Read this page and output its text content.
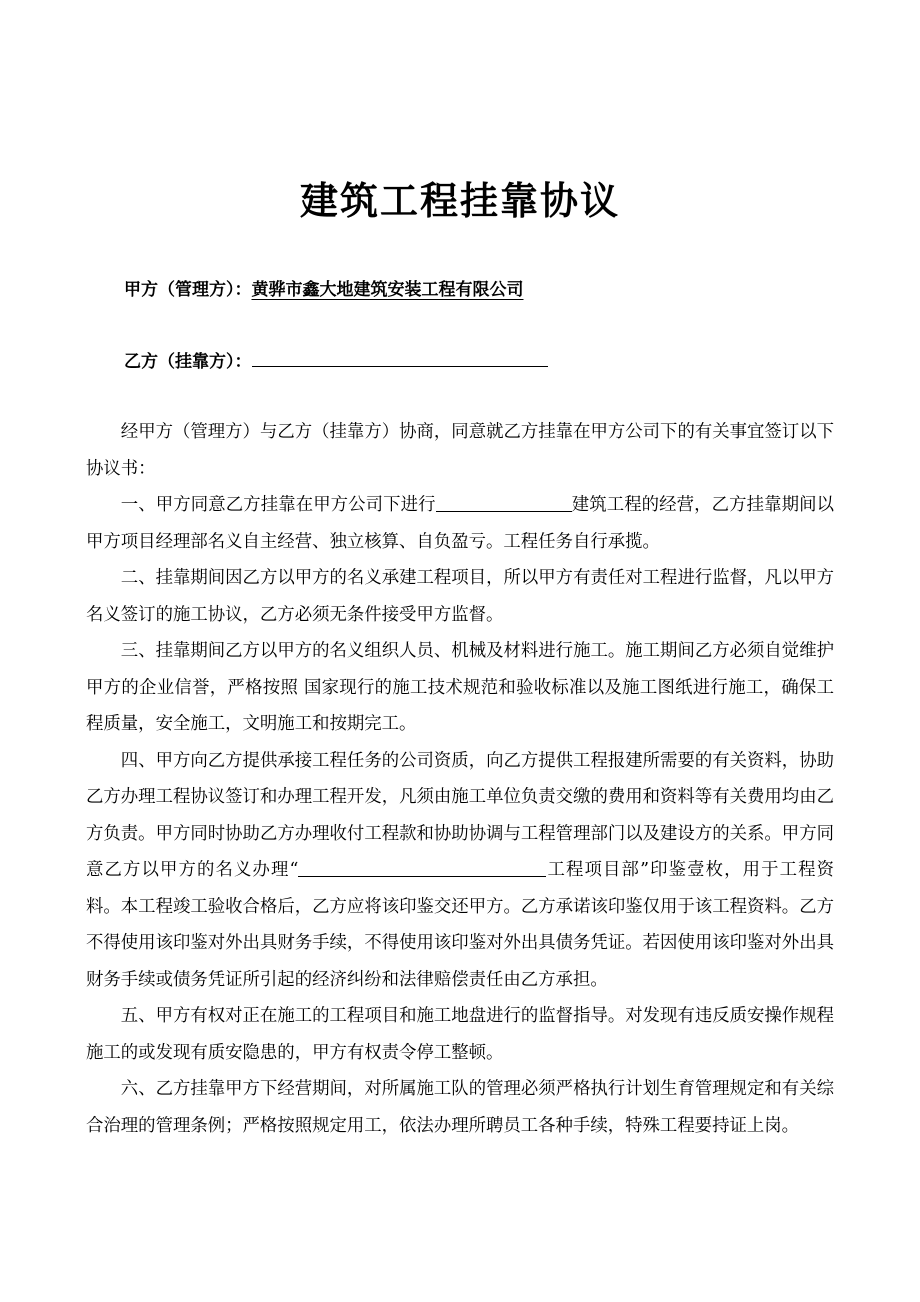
建筑工程挂靠协议
甲方（管理方）：黄骅市鑫大地建筑安装工程有限公司
乙方（挂靠方）：

经甲方（管理方）与乙方（挂靠方）协商，同意就乙方挂靠在甲方公司下的有关事宜签订以下协议书：

一、甲方同意乙方挂靠在甲方公司下进行	建筑工程的经营，乙方挂靠期间以甲方项目经理部名义自主经营、独立核算、自负盈亏。工程任务自行承揽。

二、挂靠期间因乙方以甲方的名义承建工程项目，所以甲方有责任对工程进行监督，凡以甲方名义签订的施工协议，乙方必须无条件接受甲方监督。

三、挂靠期间乙方以甲方的名义组织人员、机械及材料进行施工。施工期间乙方必须自觉维护甲方的企业信誉，严格按照 国家现行的施工技术规范和验收标准以及施工图纸进行施工，确保工程质量，安全施工，文明施工和按期完工。

四、甲方向乙方提供承接工程任务的公司资质，向乙方提供工程报建所需要的有关资料，协助乙方办理工程协议签订和办理工程开发，凡须由施工单位负责交缴的费用和资料等有关费用均由乙方负责。甲方同时协助乙方办理收付工程款和协助协调与工程管理部门以及建设方的关系。甲方同意乙方以甲方的名义办理“	工程项目部”印鉴壹枚，用于工程资料。本工程竣工验收合格后，乙方应将该印鉴交还甲方。乙方承诺该印鉴仅用于该工程资料。乙方不得使用该印鉴对外出具财务手续，不得使用该印鉴对外出具债务凭证。若因使用该印鉴对外出具财务手续或债务凭证所引起的经济纠纷和法律赔偿责任由乙方承担。

五、甲方有权对正在施工的工程项目和施工地盘进行的监督指导。对发现有违反质安操作规程施工的或发现有质安隐患的，甲方有权责令停工整顿。

六、乙方挂靠甲方下经营期间，对所属施工队的管理必须严格执行计划生育管理规定和有关综合治理的管理条例；严格按照规定用工，依法办理所聘员工各种手续，特殊工程要持证上岗。
